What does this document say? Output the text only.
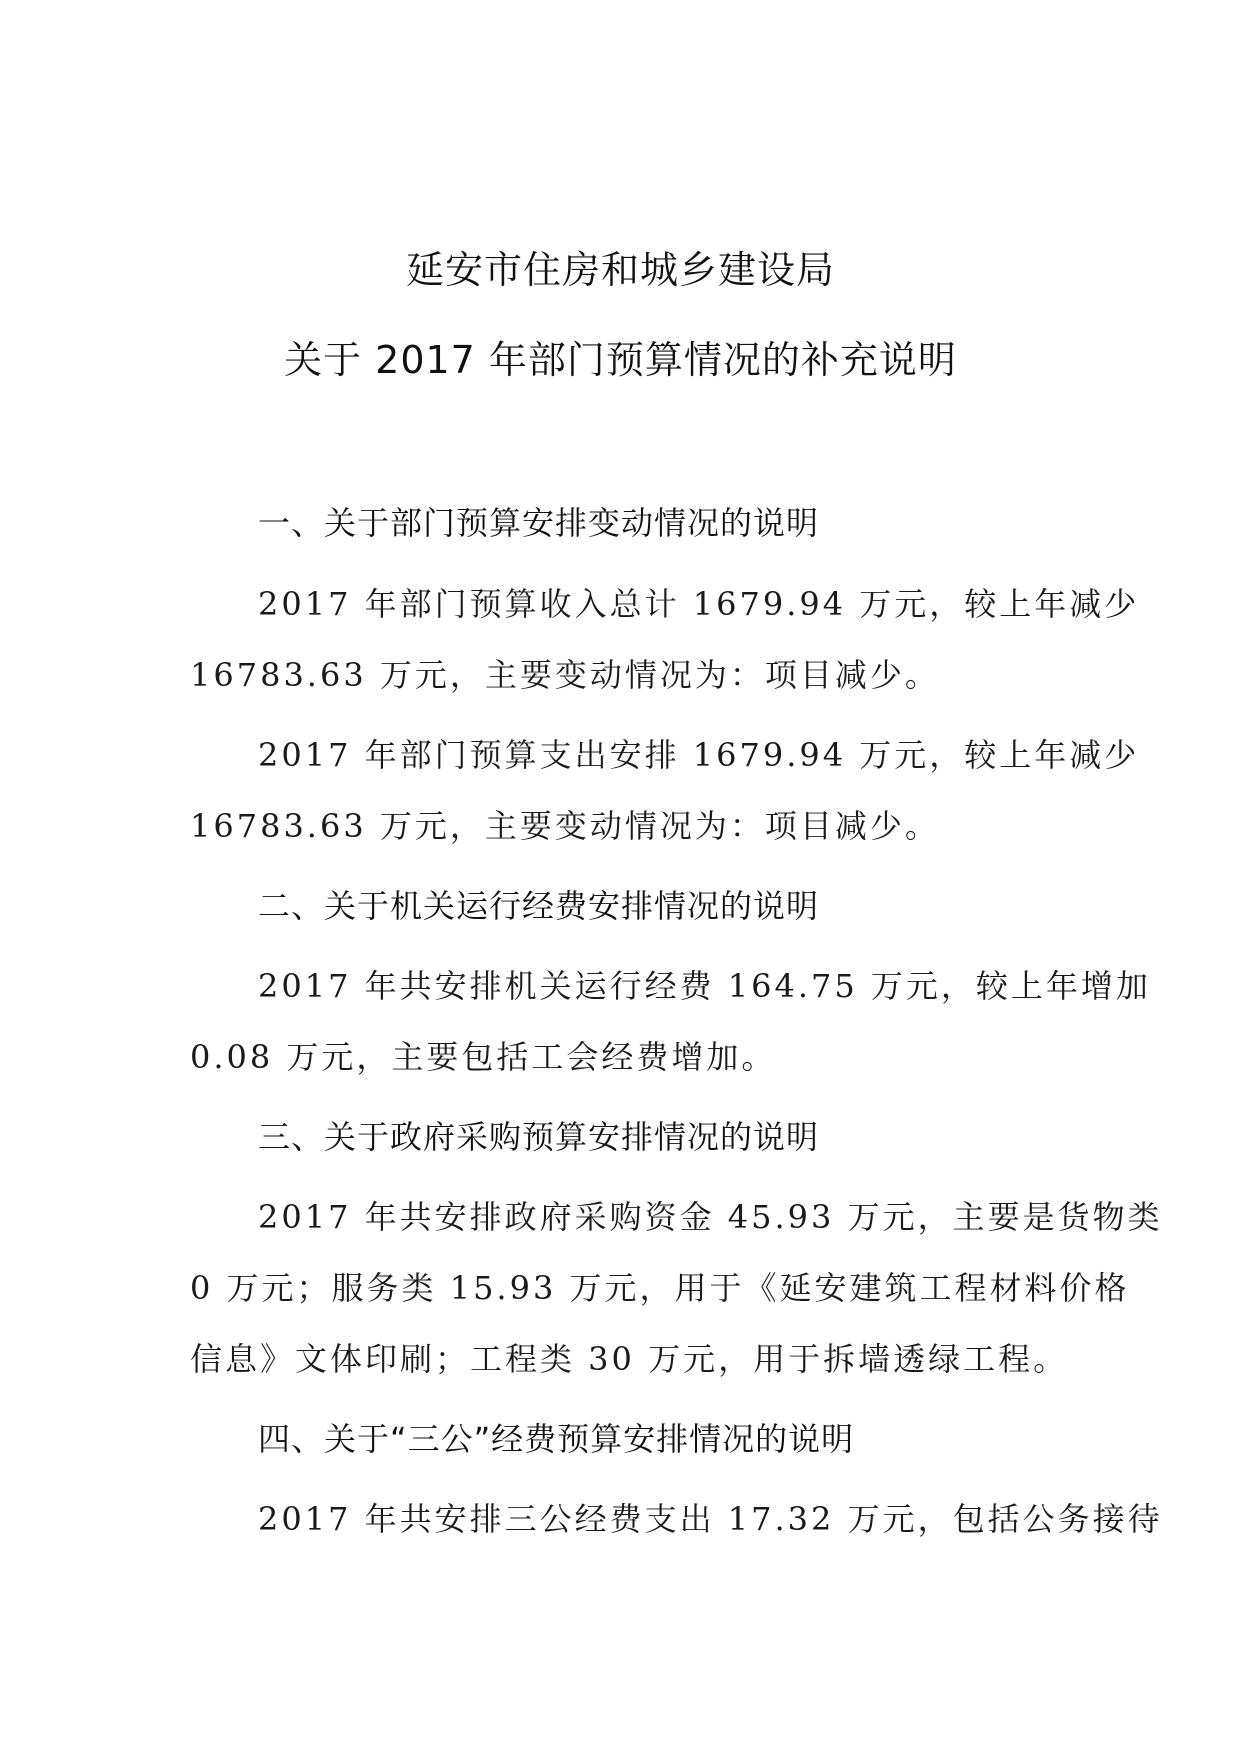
延安市住房和城乡建设局
关于 2017 年部门预算情况的补充说明
一、关于部门预算安排变动情况的说明
2017 年部门预算收入总计 1679.94 万元，较上年减少
16783.63 万元，主要变动情况为：项目减少。
2017 年部门预算支出安排 1679.94 万元，较上年减少
16783.63 万元，主要变动情况为：项目减少。
二、关于机关运行经费安排情况的说明
2017 年共安排机关运行经费 164.75 万元，较上年增加
0.08 万元，主要包括工会经费增加。
三、关于政府采购预算安排情况的说明
2017 年共安排政府采购资金 45.93 万元，主要是货物类
0 万元；服务类 15.93 万元，用于《延安建筑工程材料价格
信息》文体印刷；工程类 30 万元，用于拆墙透绿工程。
四、关于“三公”经费预算安排情况的说明
2017 年共安排三公经费支出 17.32 万元，包括公务接待
